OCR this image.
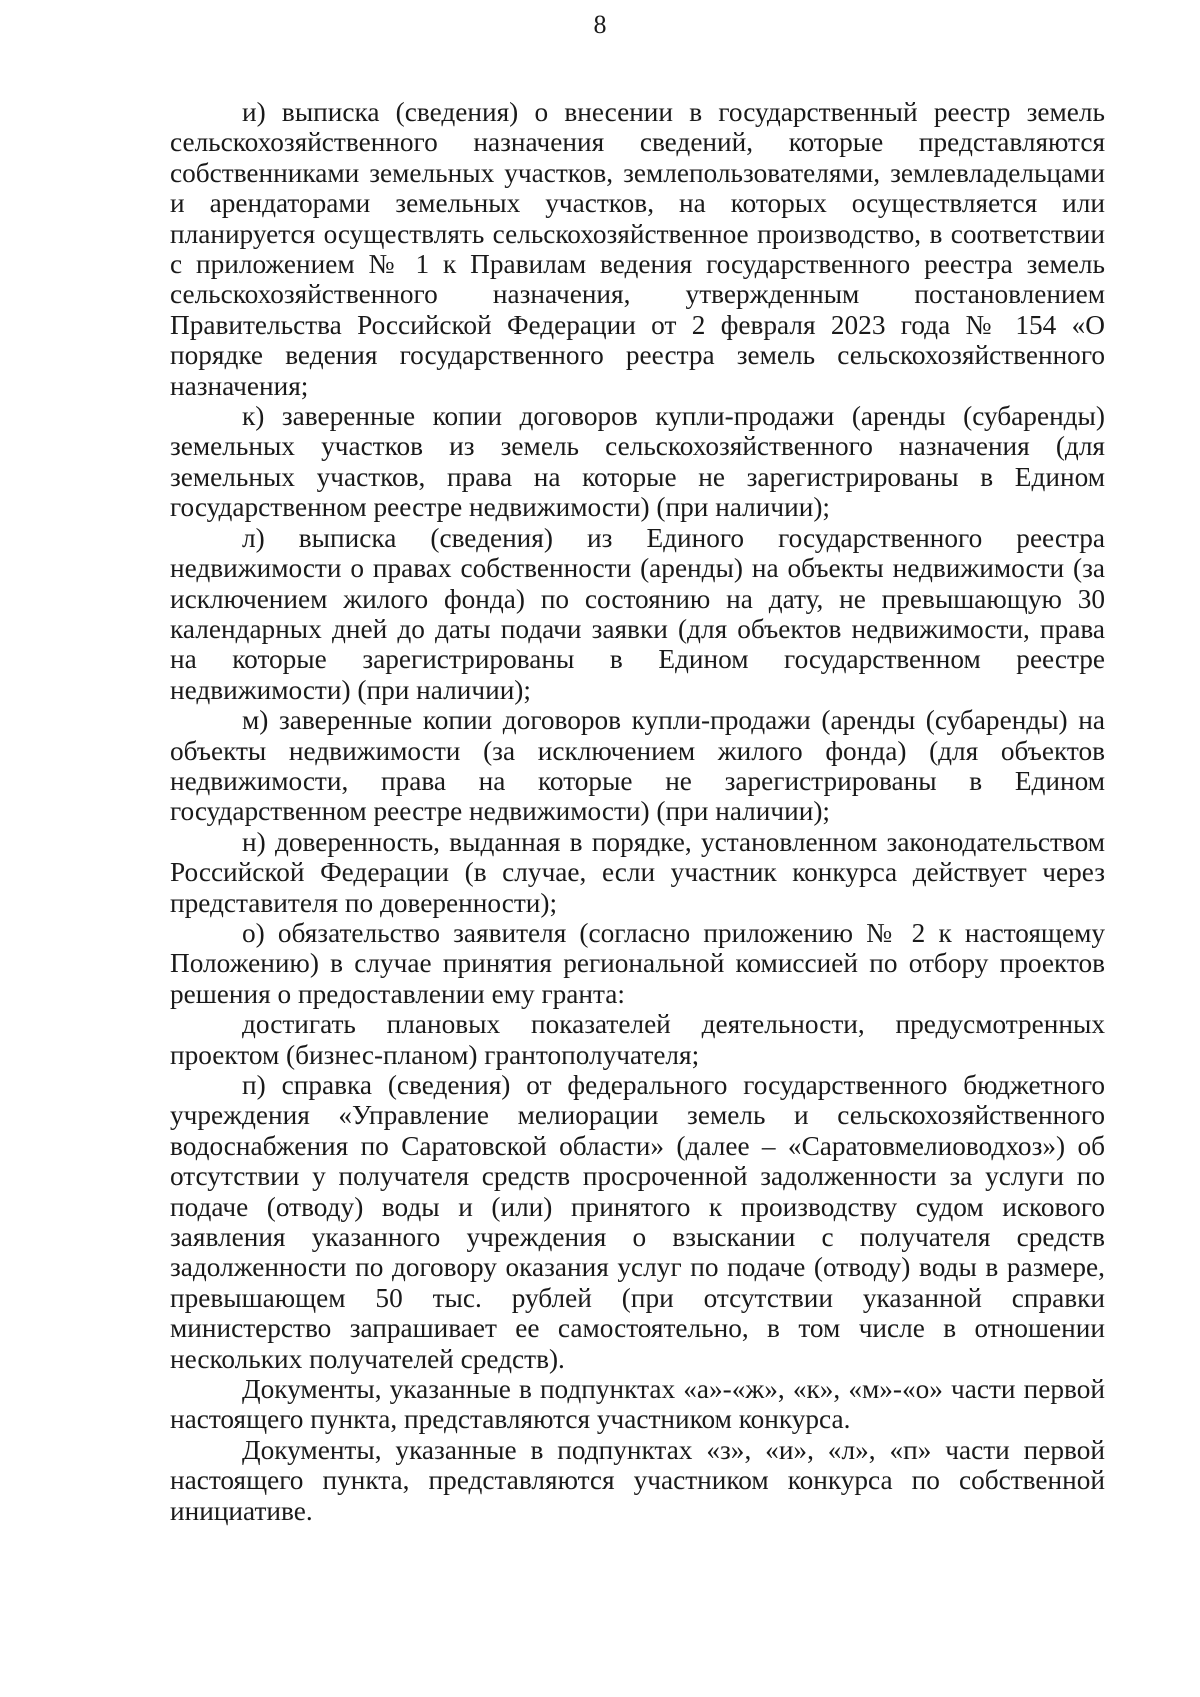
8

и) выписка (сведения) о внесении в государственный реестр земель сельскохозяйственного назначения сведений, которые представляются собственниками земельных участков, землепользователями, землевладельцами и арендаторами земельных участков, на которых осуществляется или планируется осуществлять сельскохозяйственное производство, в соответствии с приложением № 1 к Правилам ведения государственного реестра земель сельскохозяйственного назначения, утвержденным постановлением Правительства Российской Федерации от 2 февраля 2023 года № 154 «О порядке ведения государственного реестра земель сельскохозяйственного назначения;

к) заверенные копии договоров купли-продажи (аренды (субаренды) земельных участков из земель сельскохозяйственного назначения (для земельных участков, права на которые не зарегистрированы в Едином государственном реестре недвижимости) (при наличии);

л) выписка (сведения) из Единого государственного реестра недвижимости о правах собственности (аренды) на объекты недвижимости (за исключением жилого фонда) по состоянию на дату, не превышающую 30 календарных дней до даты подачи заявки (для объектов недвижимости, права на которые зарегистрированы в Едином государственном реестре недвижимости) (при наличии);

м) заверенные копии договоров купли-продажи (аренды (субаренды) на объекты недвижимости (за исключением жилого фонда) (для объектов недвижимости, права на которые не зарегистрированы в Едином государственном реестре недвижимости) (при наличии);

н) доверенность, выданная в порядке, установленном законодательством Российской Федерации (в случае, если участник конкурса действует через представителя по доверенности);

о) обязательство заявителя (согласно приложению № 2 к настоящему Положению) в случае принятия региональной комиссией по отбору проектов решения о предоставлении ему гранта:

достигать плановых показателей деятельности, предусмотренных проектом (бизнес-планом) грантополучателя;

п) справка (сведения) от федерального государственного бюджетного учреждения «Управление мелиорации земель и сельскохозяйственного водоснабжения по Саратовской области» (далее – «Саратовмелиоводхоз») об отсутствии у получателя средств просроченной задолженности за услуги по подаче (отводу) воды и (или) принятого к производству судом искового заявления указанного учреждения о взыскании с получателя средств задолженности по договору оказания услуг по подаче (отводу) воды в размере, превышающем 50 тыс. рублей (при отсутствии указанной справки министерство запрашивает ее самостоятельно, в том числе в отношении нескольких получателей средств).

Документы, указанные в подпунктах «а»-«ж», «к», «м»-«о» части первой настоящего пункта, представляются участником конкурса.

Документы, указанные в подпунктах «з», «и», «л», «п» части первой настоящего пункта, представляются участником конкурса по собственной инициативе.
